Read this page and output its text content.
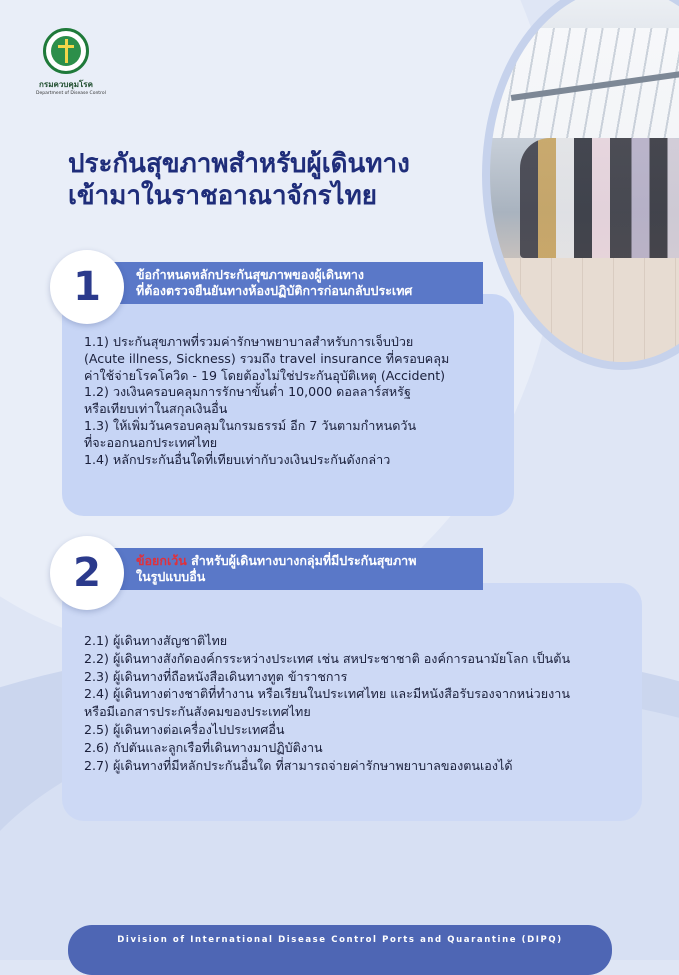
กรมควบคุมโรค
Department of Disease Control
ประกันสุขภาพสำหรับผู้เดินทาง
เข้ามาในราชอาณาจักรไทย
1.1) ประกันสุขภาพที่รวมค่ารักษาพยาบาลสำหรับการเจ็บป่วย
(Acute illness, Sickness) รวมถึง travel insurance ที่ครอบคลุม
ค่าใช้จ่ายโรคโควิด - 19 โดยต้องไม่ใช่ประกันอุบัติเหตุ (Accident)
1.2) วงเงินครอบคลุมการรักษาขั้นต่ำ 10,000 ดอลลาร์สหรัฐ
หรือเทียบเท่าในสกุลเงินอื่น
1.3) ให้เพิ่มวันครอบคลุมในกรมธรรม์ อีก 7 วันตามกำหนดวัน
ที่จะออกนอกประเทศไทย
1.4) หลักประกันอื่นใดที่เทียบเท่ากับวงเงินประกันดังกล่าว
ข้อกำหนดหลักประกันสุขภาพของผู้เดินทาง
ที่ต้องตรวจยืนยันทางห้องปฏิบัติการก่อนกลับประเทศ
1
2.1) ผู้เดินทางสัญชาติไทย
2.2) ผู้เดินทางสังกัดองค์กรระหว่างประเทศ เช่น สหประชาชาติ องค์การอนามัยโลก เป็นต้น
2.3) ผู้เดินทางที่ถือหนังสือเดินทางทูต ข้าราชการ
2.4) ผู้เดินทางต่างชาติที่ทำงาน หรือเรียนในประเทศไทย และมีหนังสือรับรองจากหน่วยงาน
หรือมีเอกสารประกันสังคมของประเทศไทย
2.5) ผู้เดินทางต่อเครื่องไปประเทศอื่น
2.6) กัปตันและลูกเรือที่เดินทางมาปฏิบัติงาน
2.7) ผู้เดินทางที่มีหลักประกันอื่นใด ที่สามารถจ่ายค่ารักษาพยาบาลของตนเองได้
ข้อยกเว้น สำหรับผู้เดินทางบางกลุ่มที่มีประกันสุขภาพ
ในรูปแบบอื่น
2
Division of International Disease Control Ports and Quarantine (DIPQ)
